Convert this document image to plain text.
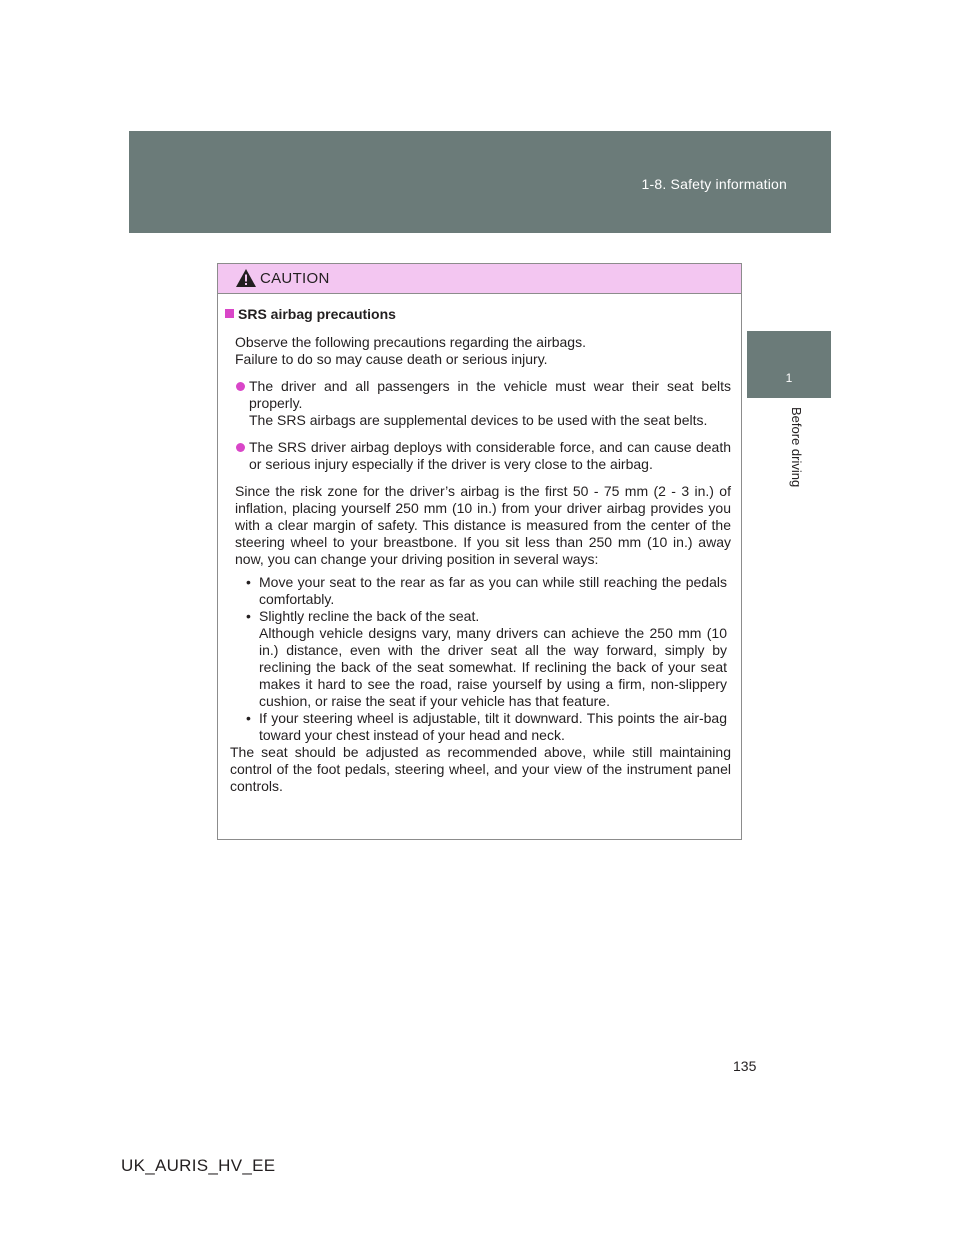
1-8. Safety information
1
Before driving
CAUTION
SRS airbag precautions
Observe the following precautions regarding the airbags.
Failure to do so may cause death or serious injury.
The driver and all passengers in the vehicle must wear their seat belts properly.
The SRS airbags are supplemental devices to be used with the seat belts.
The SRS driver airbag deploys with considerable force, and can cause death or serious injury especially if the driver is very close to the airbag.
Since the risk zone for the driver’s airbag is the first 50 - 75 mm (2 - 3 in.) of inflation, placing yourself 250 mm (10 in.) from your driver airbag provides you with a clear margin of safety. This distance is measured from the center of the steering wheel to your breastbone. If you sit less than 250 mm (10 in.) away now, you can change your driving position in several ways:
• Move your seat to the rear as far as you can while still reaching the pedals comfortably.
• Slightly recline the back of the seat.
Although vehicle designs vary, many drivers can achieve the 250 mm (10 in.) distance, even with the driver seat all the way forward, simply by reclining the back of the seat somewhat. If reclining the back of your seat makes it hard to see the road, raise yourself by using a firm, non-slippery cushion, or raise the seat if your vehicle has that feature.
• If your steering wheel is adjustable, tilt it downward. This points the air-bag toward your chest instead of your head and neck.
The seat should be adjusted as recommended above, while still maintaining control of the foot pedals, steering wheel, and your view of the instrument panel controls.
135
UK_AURIS_HV_EE
